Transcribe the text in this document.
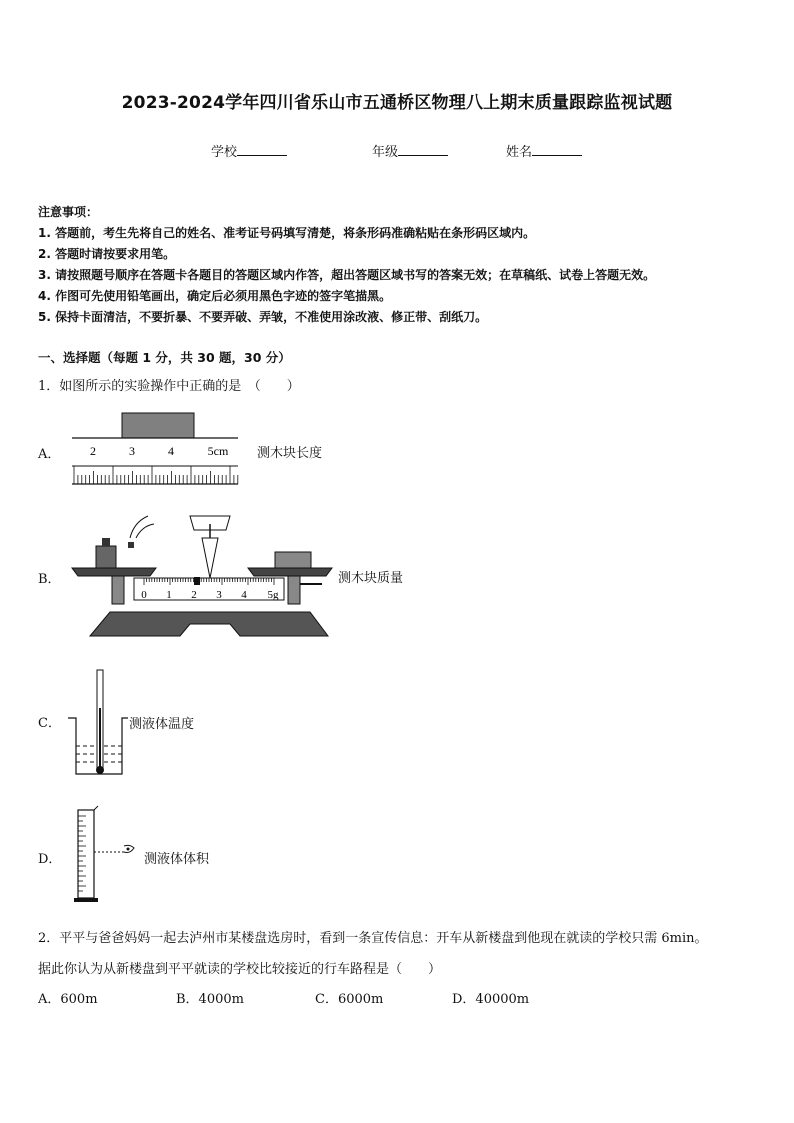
2023-2024学年四川省乐山市五通桥区物理八上期末质量跟踪监视试题
学校	年级	姓名
注意事项：
1. 答题前，考生先将自己的姓名、准考证号码填写清楚，将条形码准确粘贴在条形码区域内。
2. 答题时请按要求用笔。
3. 请按照题号顺序在答题卡各题目的答题区域内作答，超出答题区域书写的答案无效；在草稿纸、试卷上答题无效。
4. 作图可先使用铅笔画出，确定后必须用黑色字迹的签字笔描黑。
5. 保持卡面清洁，不要折暴、不要弄破、弄皱，不准使用涂改液、修正带、刮纸刀。
一、选择题（每题 1 分，共 30 题，30 分）
1．如图所示的实验操作中正确的是　（　　）
A． 2	3	4	5cm 测木块长度
B．
0 1 2 3 4 5g
测木块质量
C．	测液体温度
D．	测液体体积
2．平平与爸爸妈妈一起去泸州市某楼盘选房时，看到一条宣传信息：开车从新楼盘到他现在就读的学校只需 6min。
据此你认为从新楼盘到平平就读的学校比较接近的行车路程是（　　）
A．600m	B．4000m	C．6000m	D．40000m
